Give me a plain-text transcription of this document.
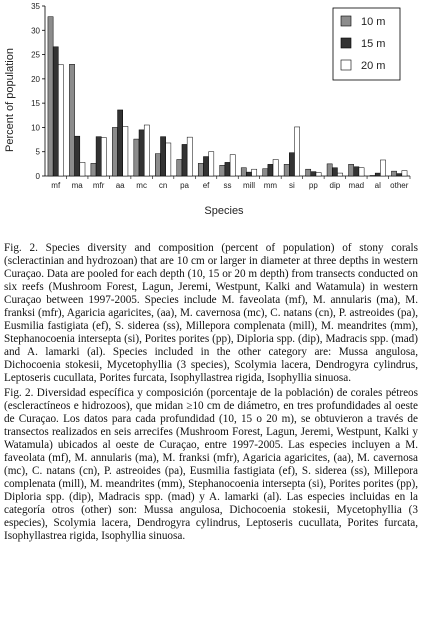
0
5
10
15
20
25
30
35
mf ma mfr aa mc cn pa ef ss mill mm si pp dip mad al other
Percent of population
Species
10 m
15 m
20 m

Fig. 2. Species diversity and composition (percent of population) of stony corals (scleractinian and hydrozoan) that are 10 cm or larger in diameter at three depths in western Curaçao. Data are pooled for each depth (10, 15 or 20 m depth) from transects conducted on six reefs (Mushroom Forest, Lagun, Jeremi, Westpunt, Kalki and Watamula) in western Curaçao between 1997-2005. Species include M. faveolata (mf), M. annularis (ma), M. franksi (mfr), Agaricia agaricites, (aa), M. cavernosa (mc), C. natans (cn), P. astreoides (pa), Eusmilia fastigiata (ef), S. siderea (ss), Millepora complenata (mill), M. meandrites (mm), Stephanocoenia intersepta (si), Porites porites (pp), Diploria spp. (dip), Madracis spp. (mad) and A. lamarki (al). Species included in the other category are: Mussa angulosa, Dichocoenia stokesii, Mycetophyllia (3 species), Scolymia lacera, Dendrogyra cylindrus, Leptoseris cucullata, Porites furcata, Isophyllastrea rigida, Isophyllia sinuosa.

Fig. 2. Diversidad específica y composición (porcentaje de la población) de corales pétreos (escleractíneos e hidrozoos), que midan ≥10 cm de diámetro, en tres profundidades al oeste de Curaçao. Los datos para cada profundidad (10, 15 o 20 m), se obtuvieron a través de transectos realizados en seis arrecifes (Mushroom Forest, Lagun, Jeremi, Westpunt, Kalki y Watamula) ubicados al oeste de Curaçao, entre 1997-2005. Las especies incluyen a M. faveolata (mf), M. annularis (ma), M. franksi (mfr), Agaricia agaricites, (aa), M. cavernosa (mc), C. natans (cn), P. astreoides (pa), Eusmilia fastigiata (ef), S. siderea (ss), Millepora complenata (mill), M. meandrites (mm), Stephanocoenia intersepta (si), Porites porites (pp), Diploria spp. (dip), Madracis spp. (mad) y A. lamarki (al). Las especies incluidas en la categoría otros (other) son: Mussa angulosa, Dichocoenia stokesii, Mycetophyllia (3 especies), Scolymia lacera, Dendrogyra cylindrus, Leptoseris cucullata, Porites furcata, Isophyllastrea rigida, Isophyllia sinuosa.
